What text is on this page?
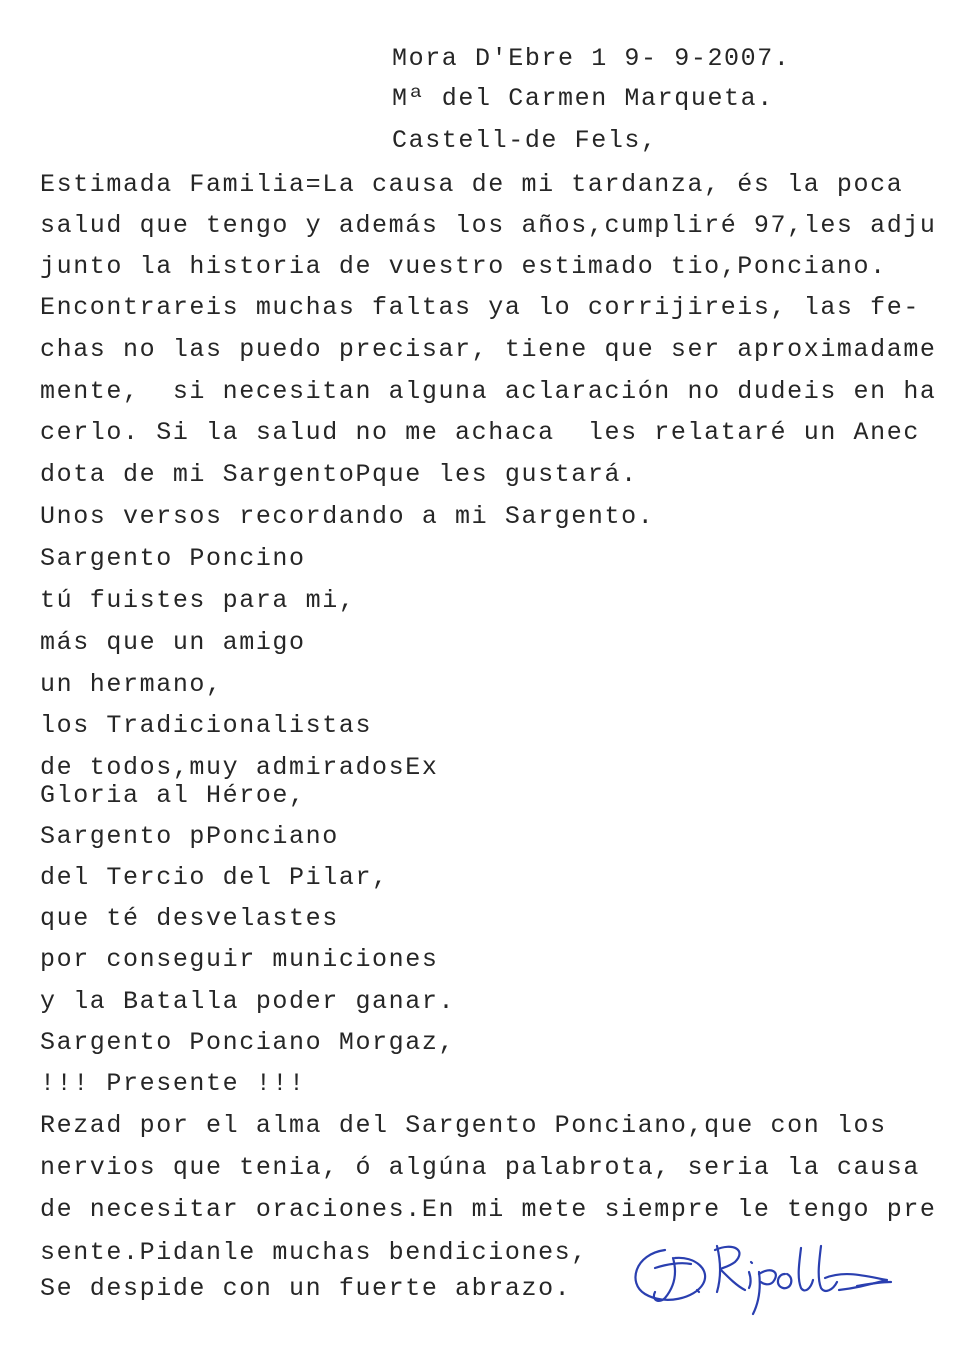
Mora D'Ebre 1 9- 9-2007.
Mª del Carmen Marqueta.
Castell-de Fels,
Estimada Familia=La causa de mi tardanza, és la poca
salud que tengo y además los años,cumpliré 97,les adju
junto la historia de vuestro estimado tio,Ponciano.
Encontrareis muchas faltas ya lo corrijireis, las fe-
chas no las puedo precisar, tiene que ser aproximadame
mente,  si necesitan alguna aclaración no dudeis en ha
cerlo. Si la salud no me achaca  les relataré un Anec
dota de mi SargentoPque les gustará.
Unos versos recordando a mi Sargento.
Sargento Poncino
tú fuistes para mi,
más que un amigo
un hermano,
los Tradicionalistas
de todos,muy admiradosEx
Gloria al Héroe,
Sargento pPonciano
del Tercio del Pilar,
que té desvelastes
por conseguir municiones
y la Batalla poder ganar.
Sargento Ponciano Morgaz,
!!! Presente !!!
Rezad por el alma del Sargento Ponciano,que con los
nervios que tenia, ó algúna palabrota, seria la causa
de necesitar oraciones.En mi mete siempre le tengo pre
sente.Pidanle muchas bendiciones,
Se despide con un fuerte abrazo.
